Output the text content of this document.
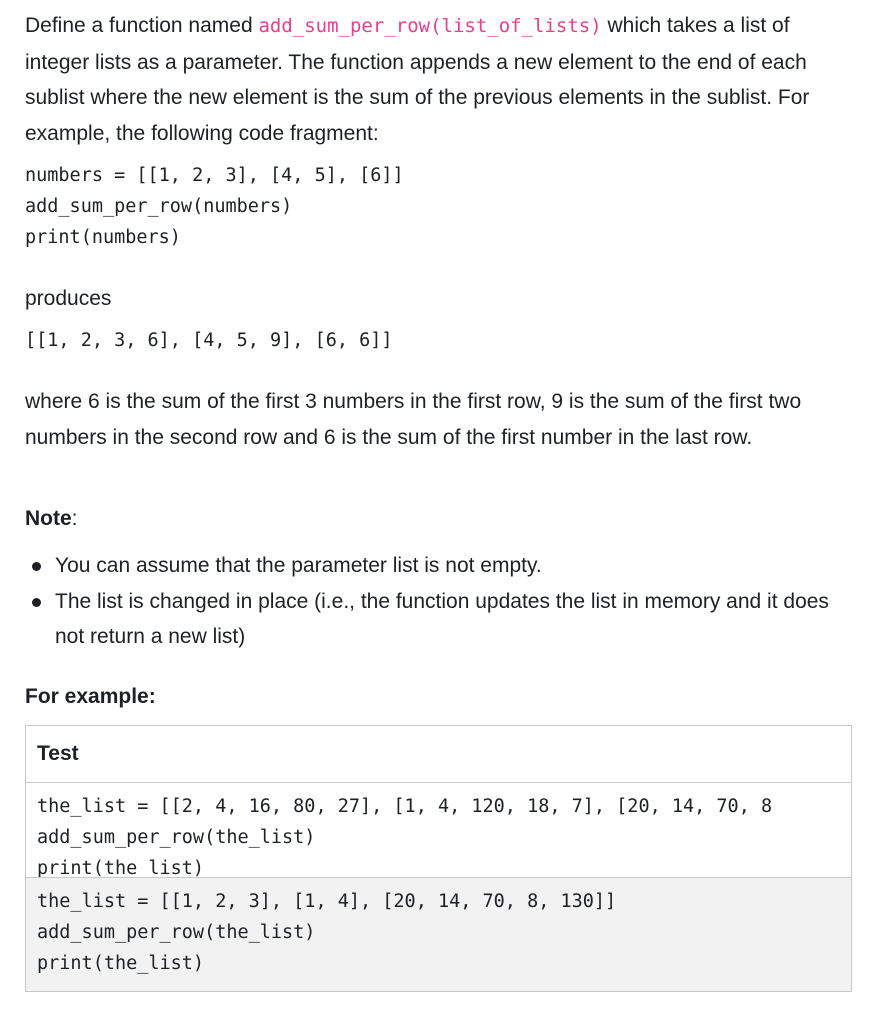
Define a function named add_sum_per_row(list_of_lists) which takes a list of integer lists as a parameter. The function appends a new element to the end of each sublist where the new element is the sum of the previous elements in the sublist. For example, the following code fragment:

numbers = [[1, 2, 3], [4, 5], [6]]
add_sum_per_row(numbers)
print(numbers)

produces

[[1, 2, 3, 6], [4, 5, 9], [6, 6]]

where 6 is the sum of the first 3 numbers in the first row, 9 is the sum of the first two numbers in the second row and 6 is the sum of the first number in the last row.

Note:

You can assume that the parameter list is not empty.
The list is changed in place (i.e., the function updates the list in memory and it does not return a new list)
For example:
Test
the_list = [[2, 4, 16, 80, 27], [1, 4, 120, 18, 7], [20, 14, 70, 8
add_sum_per_row(the_list)
print(the_list)
the_list = [[1, 2, 3], [1, 4], [20, 14, 70, 8, 130]]
add_sum_per_row(the_list)
print(the_list)
